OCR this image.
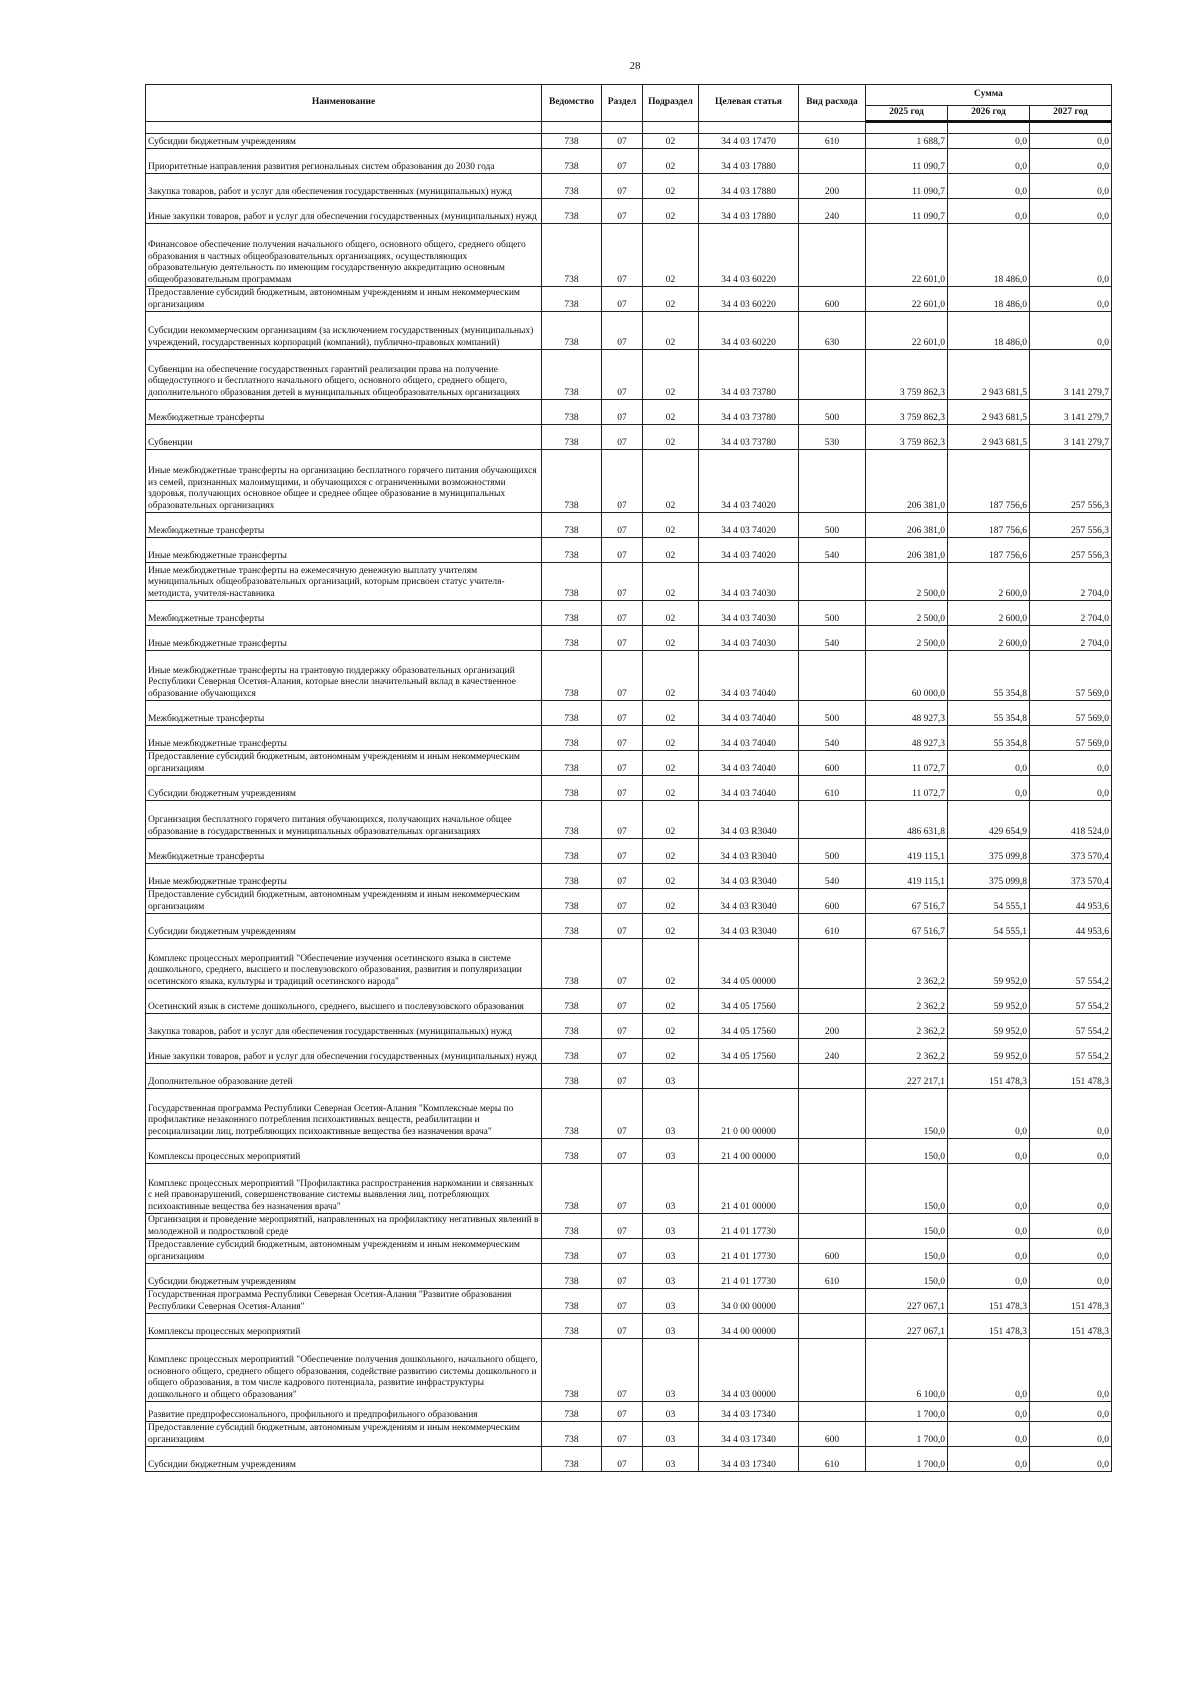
28
Наименование	Ведомство	Раздел	Подраздел	Целевая статья	Вид расхода	Сумма		
						2025 год	2026 год	2027 год

Субсидии бюджетным учреждениям	738	07	02	34 4 03 17470	610	1 688,7	0,0	0,0
Приоритетные направления развития региональных систем образования до 2030 года	738	07	02	34 4 03 17880		11 090,7	0,0	0,0
Закупка товаров, работ и услуг для обеспечения государственных (муниципальных) нужд	738	07	02	34 4 03 17880	200	11 090,7	0,0	0,0
Иные закупки товаров, работ и услуг для обеспечения государственных (муниципальных) нужд	738	07	02	34 4 03 17880	240	11 090,7	0,0	0,0
Финансовое обеспечение получения начального общего, основного общего, среднего общего образования в частных общеобразовательных организациях, осуществляющих образовательную деятельность по имеющим государственную аккредитацию основным общеобразовательным программам	738	07	02	34 4 03 60220		22 601,0	18 486,0	0,0
Предоставление субсидий бюджетным, автономным учреждениям и иным некоммерческим организациям	738	07	02	34 4 03 60220	600	22 601,0	18 486,0	0,0
Субсидии некоммерческим организациям (за исключением государственных (муниципальных) учреждений, государственных корпораций (компаний), публично-правовых компаний)	738	07	02	34 4 03 60220	630	22 601,0	18 486,0	0,0
Субвенции на обеспечение государственных гарантий реализации права на получение общедоступного и бесплатного начального общего, основного общего, среднего общего, дополнительного образования детей в муниципальных общеобразовательных организациях	738	07	02	34 4 03 73780		3 759 862,3	2 943 681,5	3 141 279,7
Межбюджетные трансферты	738	07	02	34 4 03 73780	500	3 759 862,3	2 943 681,5	3 141 279,7
Субвенции	738	07	02	34 4 03 73780	530	3 759 862,3	2 943 681,5	3 141 279,7
Иные межбюджетные трансферты на организацию бесплатного горячего питания обучающихся из семей, признанных малоимущими, и обучающихся с ограниченными возможностями здоровья, получающих основное общее и среднее общее образование в муниципальных образовательных организациях	738	07	02	34 4 03 74020		206 381,0	187 756,6	257 556,3
Межбюджетные трансферты	738	07	02	34 4 03 74020	500	206 381,0	187 756,6	257 556,3
Иные межбюджетные трансферты	738	07	02	34 4 03 74020	540	206 381,0	187 756,6	257 556,3
Иные межбюджетные трансферты на ежемесячную денежную выплату учителям муниципальных общеобразовательных организаций, которым присвоен статус учителя-методиста, учителя-наставника	738	07	02	34 4 03 74030		2 500,0	2 600,0	2 704,0
Межбюджетные трансферты	738	07	02	34 4 03 74030	500	2 500,0	2 600,0	2 704,0
Иные межбюджетные трансферты	738	07	02	34 4 03 74030	540	2 500,0	2 600,0	2 704,0
Иные межбюджетные трансферты на грантовую поддержку образовательных организаций Республики Северная Осетия-Алания, которые внесли значительный вклад в качественное образование обучающихся	738	07	02	34 4 03 74040		60 000,0	55 354,8	57 569,0
Межбюджетные трансферты	738	07	02	34 4 03 74040	500	48 927,3	55 354,8	57 569,0
Иные межбюджетные трансферты	738	07	02	34 4 03 74040	540	48 927,3	55 354,8	57 569,0
Предоставление субсидий бюджетным, автономным учреждениям и иным некоммерческим организациям	738	07	02	34 4 03 74040	600	11 072,7	0,0	0,0
Субсидии бюджетным учреждениям	738	07	02	34 4 03 74040	610	11 072,7	0,0	0,0
Организация бесплатного горячего питания обучающихся, получающих начальное общее образование в государственных и муниципальных образовательных организациях	738	07	02	34 4 03 R3040		486 631,8	429 654,9	418 524,0
Межбюджетные трансферты	738	07	02	34 4 03 R3040	500	419 115,1	375 099,8	373 570,4
Иные межбюджетные трансферты	738	07	02	34 4 03 R3040	540	419 115,1	375 099,8	373 570,4
Предоставление субсидий бюджетным, автономным учреждениям и иным некоммерческим организациям	738	07	02	34 4 03 R3040	600	67 516,7	54 555,1	44 953,6
Субсидии бюджетным учреждениям	738	07	02	34 4 03 R3040	610	67 516,7	54 555,1	44 953,6
Комплекс процессных мероприятий "Обеспечение изучения осетинского языка в системе дошкольного, среднего, высшего и послевузовского образования, развития и популяризации осетинского языка, культуры и традиций осетинского народа"	738	07	02	34 4 05 00000		2 362,2	59 952,0	57 554,2
Осетинский язык в системе дошкольного, среднего, высшего и послевузовского образования	738	07	02	34 4 05 17560		2 362,2	59 952,0	57 554,2
Закупка товаров, работ и услуг для обеспечения государственных (муниципальных) нужд	738	07	02	34 4 05 17560	200	2 362,2	59 952,0	57 554,2
Иные закупки товаров, работ и услуг для обеспечения государственных (муниципальных) нужд	738	07	02	34 4 05 17560	240	2 362,2	59 952,0	57 554,2
Дополнительное образование детей	738	07	03			227 217,1	151 478,3	151 478,3
Государственная программа Республики Северная Осетия-Алания "Комплексные меры по профилактике незаконного потребления психоактивных веществ, реабилитации и ресоциализации лиц, потребляющих психоактивные вещества без назначения врача"	738	07	03	21 0 00 00000		150,0	0,0	0,0
Комплексы процессных мероприятий	738	07	03	21 4 00 00000		150,0	0,0	0,0
Комплекс процессных мероприятий "Профилактика распространения наркомании и связанных с ней правонарушений, совершенствование системы выявления лиц, потребляющих психоактивные вещества без назначения врача"	738	07	03	21 4 01 00000		150,0	0,0	0,0
Организация и проведение мероприятий, направленных на профилактику негативных явлений в молодежной и подростковой среде	738	07	03	21 4 01 17730		150,0	0,0	0,0
Предоставление субсидий бюджетным, автономным учреждениям и иным некоммерческим организациям	738	07	03	21 4 01 17730	600	150,0	0,0	0,0
Субсидии бюджетным учреждениям	738	07	03	21 4 01 17730	610	150,0	0,0	0,0
Государственная программа Республики Северная Осетия-Алания "Развитие образования Республики Северная Осетия-Алания"	738	07	03	34 0 00 00000		227 067,1	151 478,3	151 478,3
Комплексы процессных мероприятий	738	07	03	34 4 00 00000		227 067,1	151 478,3	151 478,3
Комплекс процессных мероприятий "Обеспечение получения дошкольного, начального общего, основного общего, среднего общего образования, содействие развитию системы дошкольного и общего образования, в том числе кадрового потенциала, развитие инфраструктуры дошкольного и общего образования"	738	07	03	34 4 03 00000		6 100,0	0,0	0,0
Развитие предпрофессионального, профильного и предпрофильного образования	738	07	03	34 4 03 17340		1 700,0	0,0	0,0
Предоставление субсидий бюджетным, автономным учреждениям и иным некоммерческим организациям	738	07	03	34 4 03 17340	600	1 700,0	0,0	0,0
Субсидии бюджетным учреждениям	738	07	03	34 4 03 17340	610	1 700,0	0,0	0,0
